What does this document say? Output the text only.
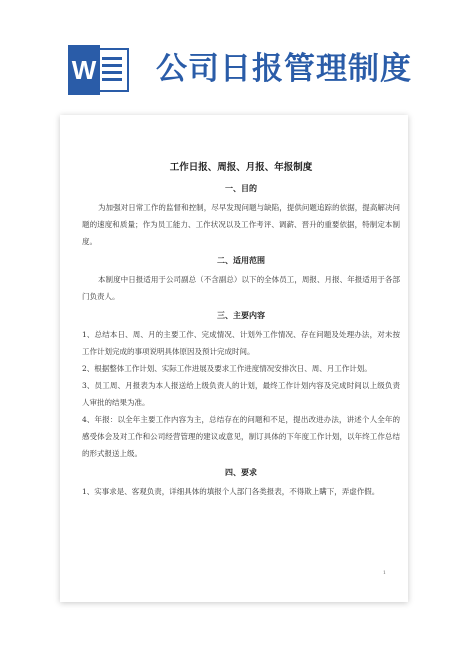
W 公司日报管理制度
工作日报、周报、月报、年报制度
一、目的

为加强对日常工作的监督和控制，尽早发现问题与缺陷，提供问题追踪的依据，提高解决问题的速度和质量；作为员工能力、工作状况以及工作考评、调薪、晋升的重要依据，特制定本制度。

二、适用范围

本制度中日报适用于公司副总（不含副总）以下的全体员工，周报、月报、年报适用于各部门负责人。

三、主要内容

1、总结本日、周、月的主要工作、完成情况、计划外工作情况、存在问题及处理办法，对未按工作计划完成的事项说明具体原因及预计完成时间。

2、根据整体工作计划、实际工作进展及要求工作进度情况安排次日、周、月工作计划。

3、员工周、月报表为本人报送给上级负责人的计划，最终工作计划内容及完成时间以上级负责人审批的结果为准。

4、年报：以全年主要工作内容为主，总结存在的问题和不足，提出改进办法，讲述个人全年的感受体会及对工作和公司经营管理的建议或意见，制订具体的下年度工作计划，以年终工作总结的形式报送上级。

四、要求

1、实事求是、客观负责，详细具体的填报个人部门各类报表，不得欺上瞒下，弄虚作假。

1
